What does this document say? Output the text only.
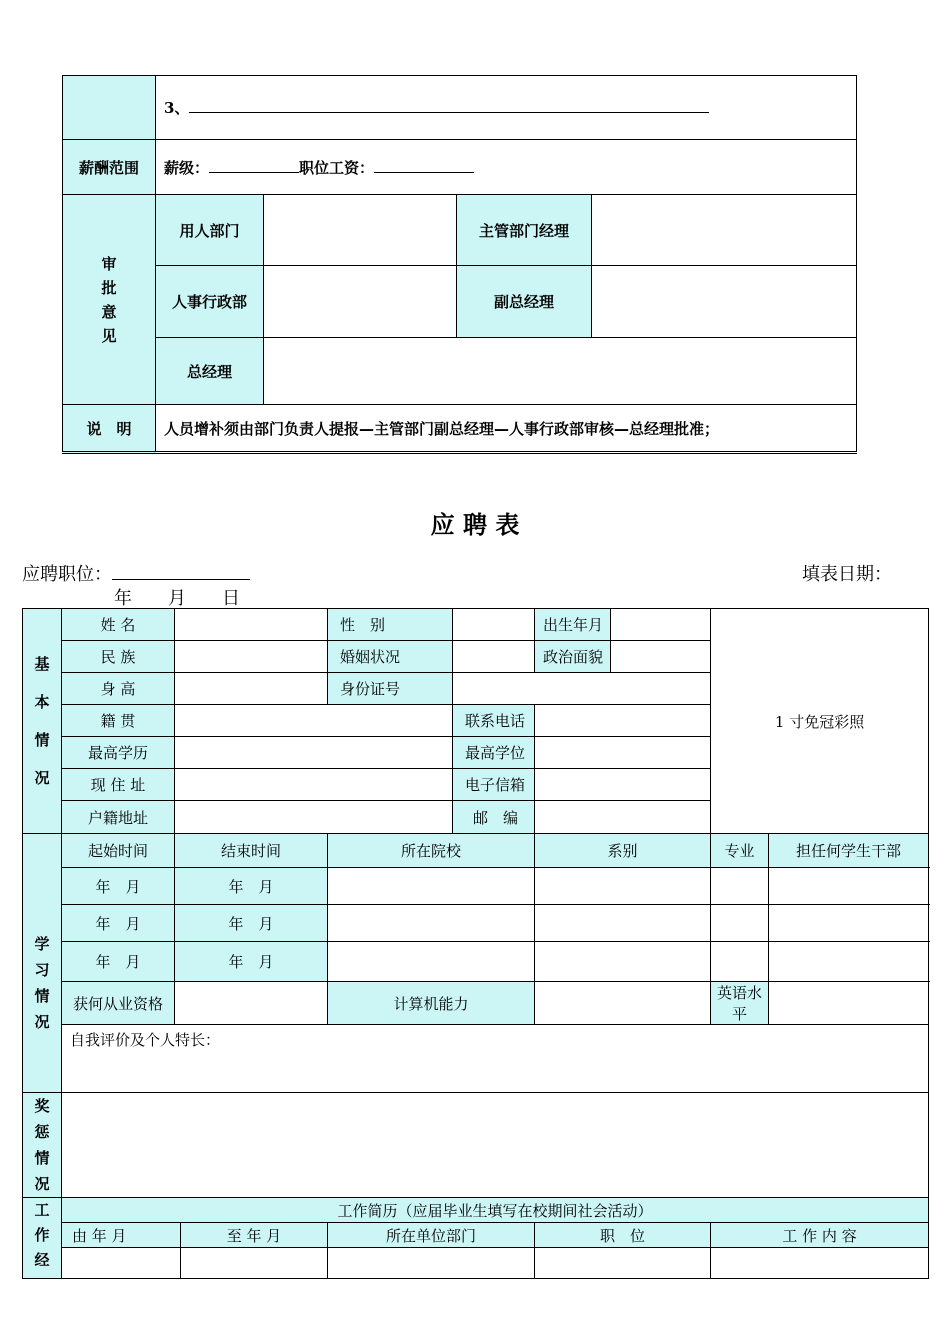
	3、			
薪酬范围	薪级： 职位工资：			

审
批
意
见	用人部门		主管部门经理	
	人事行政部		副总经理	
	总经理			
说　明	人员增补须由部门负责人提报—主管部门副总经理—人事行政部审核—总经理批准；			
应 聘 表
应聘职位：	填表日期：
年　　月　　日
基
本
情
况	姓 名			性　别		出生年月		1 寸免冠彩照	
	民 族			婚姻状况		政治面貌			
	身 高			身份证号					
	籍 贯				联系电话				
	最高学历				最高学位				
	现 住 址				电子信箱				
	户籍地址				邮　编				

学
习
情
况	起始时间	结束时间		所在院校		系别		专业	担任何学生干部
	年　月	年　月							
	年　月	年　月							
	年　月	年　月							
	获何从业资格			计算机能力				英语水平	
	自我评价及个人特长：								

奖
惩
情
况									

工
作
经	工作简历（应届毕业生填写在校期间社会活动）								
	由 年 月		至 年 月	所在单位部门		职　位		工 作 内 容	
